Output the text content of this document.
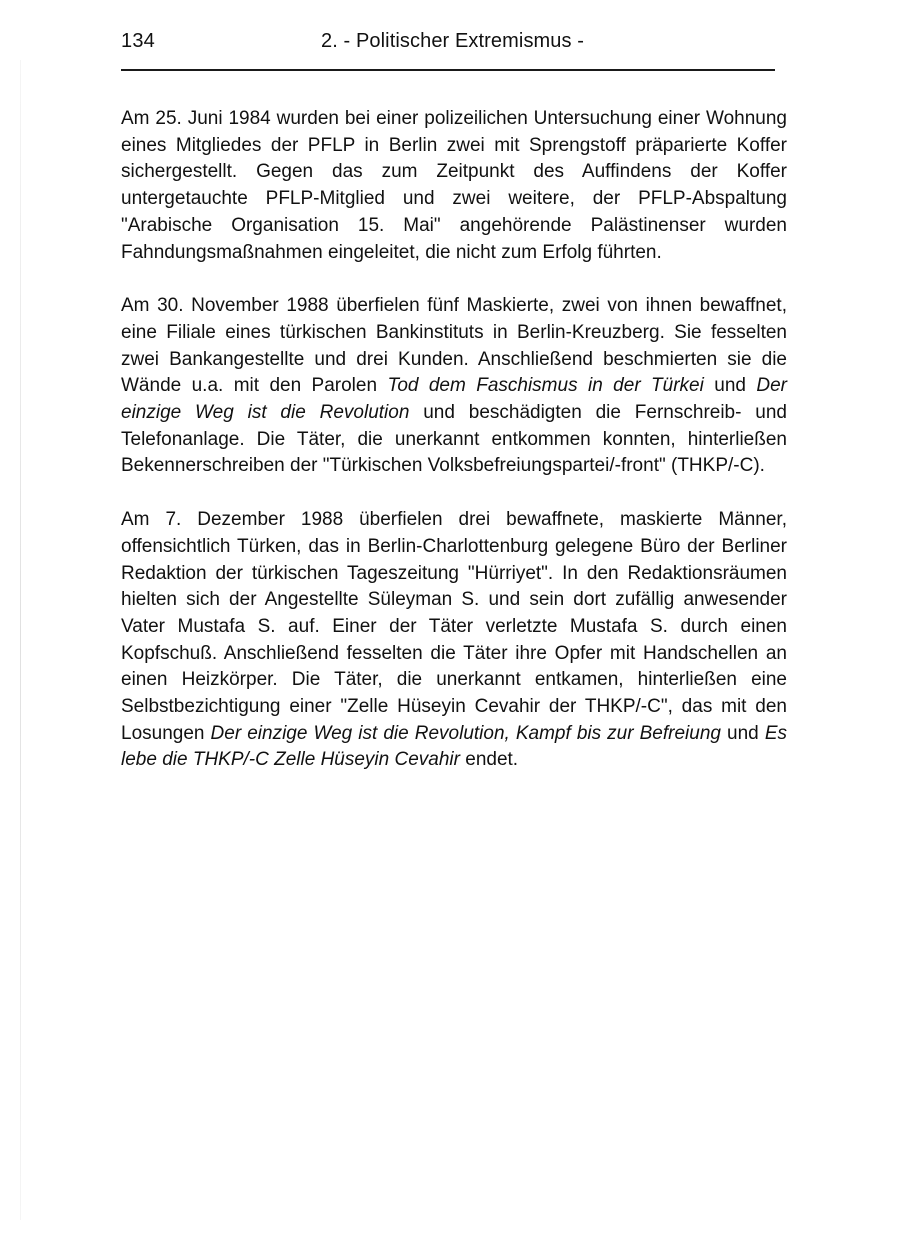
134	2. - Politischer Extremismus -

Am 25. Juni 1984 wurden bei einer polizeilichen Untersuchung einer Wohnung eines Mitgliedes der PFLP in Berlin zwei mit Sprengstoff präparierte Koffer sichergestellt. Gegen das zum Zeitpunkt des Auffindens der Koffer untergetauchte PFLP-Mitglied und zwei weitere, der PFLP-Abspaltung "Arabische Organisation 15. Mai" angehörende Palästinenser wurden Fahndungsmaßnahmen eingeleitet, die nicht zum Erfolg führten.

Am 30. November 1988 überfielen fünf Maskierte, zwei von ihnen bewaffnet, eine Filiale eines türkischen Bankinstituts in Berlin-Kreuzberg. Sie fesselten zwei Bankangestellte und drei Kunden. Anschließend beschmierten sie die Wände u.a. mit den Parolen Tod dem Faschismus in der Türkei und Der einzige Weg ist die Revolution und beschädigten die Fernschreib- und Telefonanlage. Die Täter, die unerkannt entkommen konnten, hinterließen Bekennerschreiben der "Türkischen Volksbefreiungspartei/-front" (THKP/-C).

Am 7. Dezember 1988 überfielen drei bewaffnete, maskierte Männer, offensichtlich Türken, das in Berlin-Charlottenburg gelegene Büro der Berliner Redaktion der türkischen Tageszeitung "Hürriyet". In den Redaktionsräumen hielten sich der Angestellte Süleyman S. und sein dort zufällig anwesender Vater Mustafa S. auf. Einer der Täter verletzte Mustafa S. durch einen Kopfschuß. Anschließend fesselten die Täter ihre Opfer mit Handschellen an einen Heizkörper. Die Täter, die unerkannt entkamen, hinterließen eine Selbstbezichtigung einer "Zelle Hüseyin Cevahir der THKP/-C", das mit den Losungen Der einzige Weg ist die Revolution, Kampf bis zur Befreiung und Es lebe die THKP/-C Zelle Hüseyin Cevahir endet.
